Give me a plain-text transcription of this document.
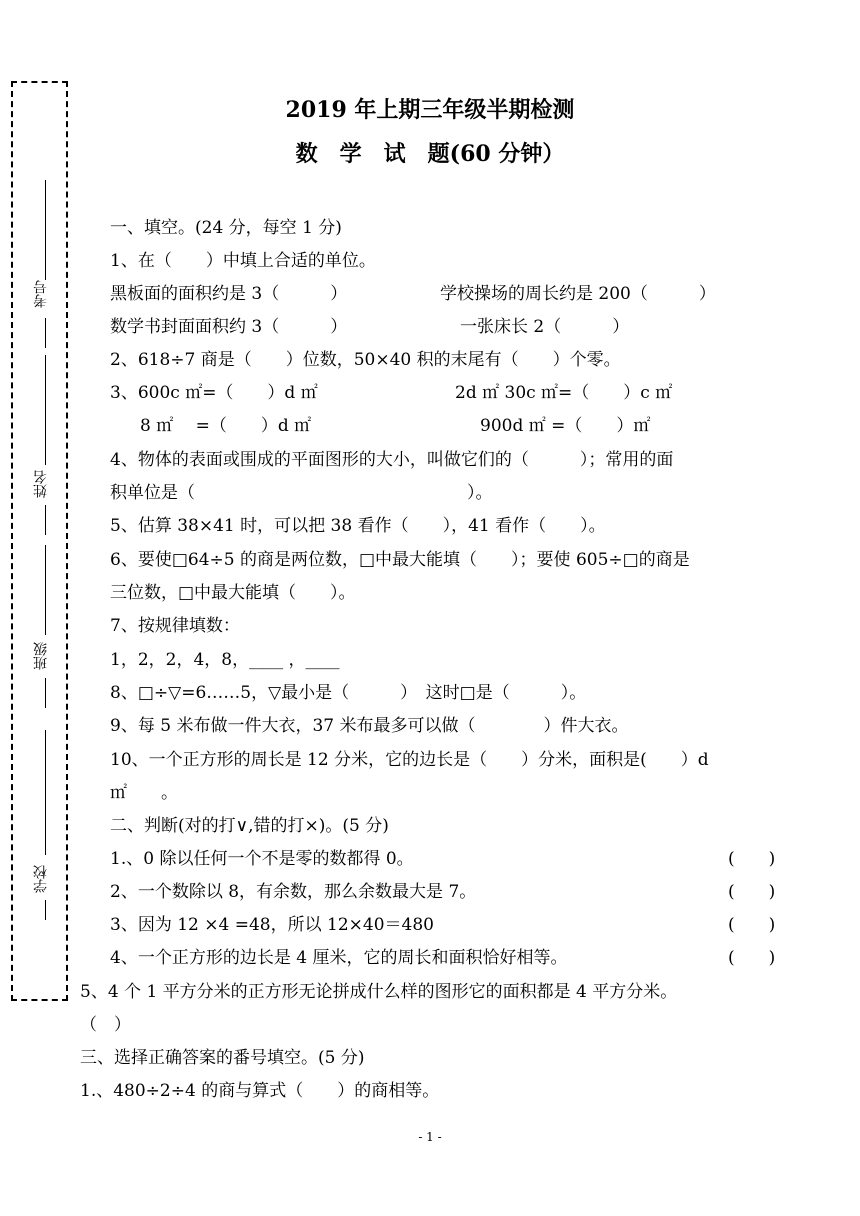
考号
姓名
班级
学校
2019 年上期三年级半期检测
数　学　试　题(60 分钟）
一、填空。(24 分，每空 1 分)
1、在（　　）中填上合适的单位。
黑板面的面积约是 3（　　　）	学校操场的周长约是 200（　　　）
数学书封面面积约 3（　　　）	一张床长 2（　　　）
2、618÷7 商是（　　）位数，50×40 积的末尾有（　　）个零。
3、600c ㎡=（　　）d ㎡	2d ㎡ 30c ㎡=（　　）c ㎡
8 ㎡　 =（　　）d ㎡	900d ㎡ =（　　）㎡
4、物体的表面或围成的平面图形的大小，叫做它们的（　　　）；常用的面
积单位是（　　　　　　　　　　　　　　　　）。
5、估算 38×41 时，可以把 38 看作（　　），41 看作（　　）。
6、要使□64÷5 的商是两位数，□中最大能填（　　）；要使 605÷□的商是
三位数，□中最大能填（　　）。
7、按规律填数：
1，2，2，4，8，____ ，____
8、□÷▽=6……5，▽最小是（　　　）　这时□是（　　　）。
9、每 5 米布做一件大衣，37 米布最多可以做（　　　　）件大衣。
10、一个正方形的周长是 12 分米，它的边长是（　　）分米，面积是(　　）d
㎡　　。
二、判断(对的打∨,错的打×)。(5 分)
1.、0 除以任何一个不是零的数都得 0。	(　　)
2、一个数除以 8，有余数，那么余数最大是 7。	(　　)
3、因为 12 ×4 =48，所以 12×40＝480	(　　)
4、一个正方形的边长是 4 厘米，它的周长和面积恰好相等。	(　　)
5、4 个 1 平方分米的正方形无论拼成什么样的图形它的面积都是 4 平方分米。
（　）
三、选择正确答案的番号填空。(5 分)
1.、480÷2÷4 的商与算式（　　）的商相等。
- 1 -
